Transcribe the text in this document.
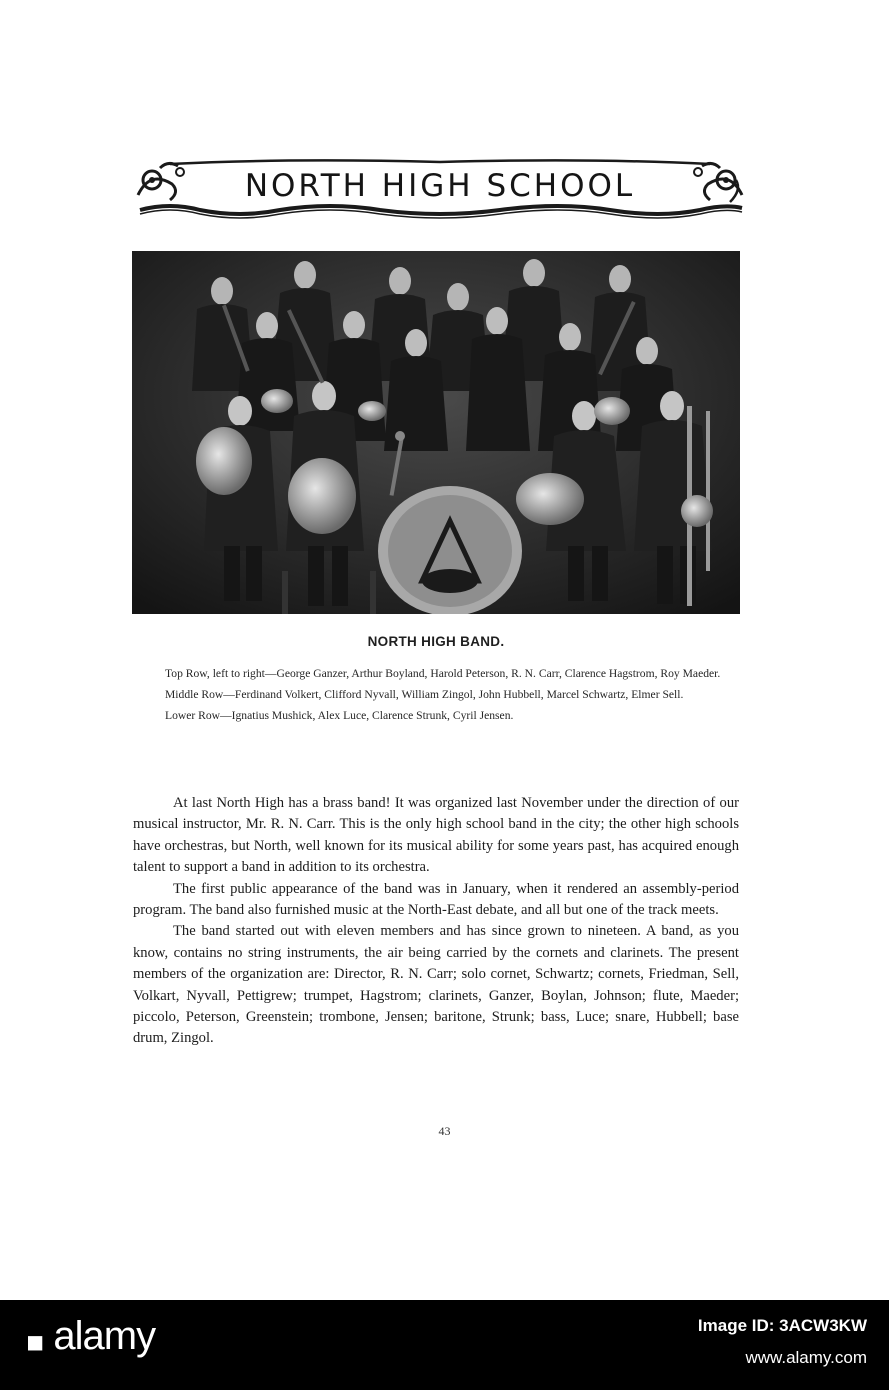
NORTH HIGH SCHOOL
NORTH HIGH BAND.

Top Row, left to right—George Ganzer, Arthur Boyland, Harold Peterson, R. N. Carr, Clarence Hagstrom, Roy Maeder.

Middle Row—Ferdinand Volkert, Clifford Nyvall, William Zingol, John Hubbell, Marcel Schwartz, Elmer Sell.

Lower Row—Ignatius Mushick, Alex Luce, Clarence Strunk, Cyril Jensen.

At last North High has a brass band! It was organized last November under the direction of our musical instructor, Mr. R. N. Carr. This is the only high school band in the city; the other high schools have orchestras, but North, well known for its musical ability for some years past, has acquired enough talent to support a band in addition to its orchestra.

The first public appearance of the band was in January, when it rendered an assembly-period program. The band also furnished music at the North-East debate, and all but one of the track meets.

The band started out with eleven members and has since grown to nineteen. A band, as you know, contains no string instruments, the air being carried by the cornets and clarinets. The present members of the organization are: Director, R. N. Carr; solo cornet, Schwartz; cornets, Friedman, Sell, Volkart, Nyvall, Pettigrew; trumpet, Hagstrom; clarinets, Ganzer, Boylan, Johnson; flute, Maeder; piccolo, Peterson, Greenstein; trombone, Jensen; baritone, Strunk; bass, Luce; snare, Hubbell; base drum, Zingol.

43
◼ alamy	Image ID: 3ACW3KW
www.alamy.com
